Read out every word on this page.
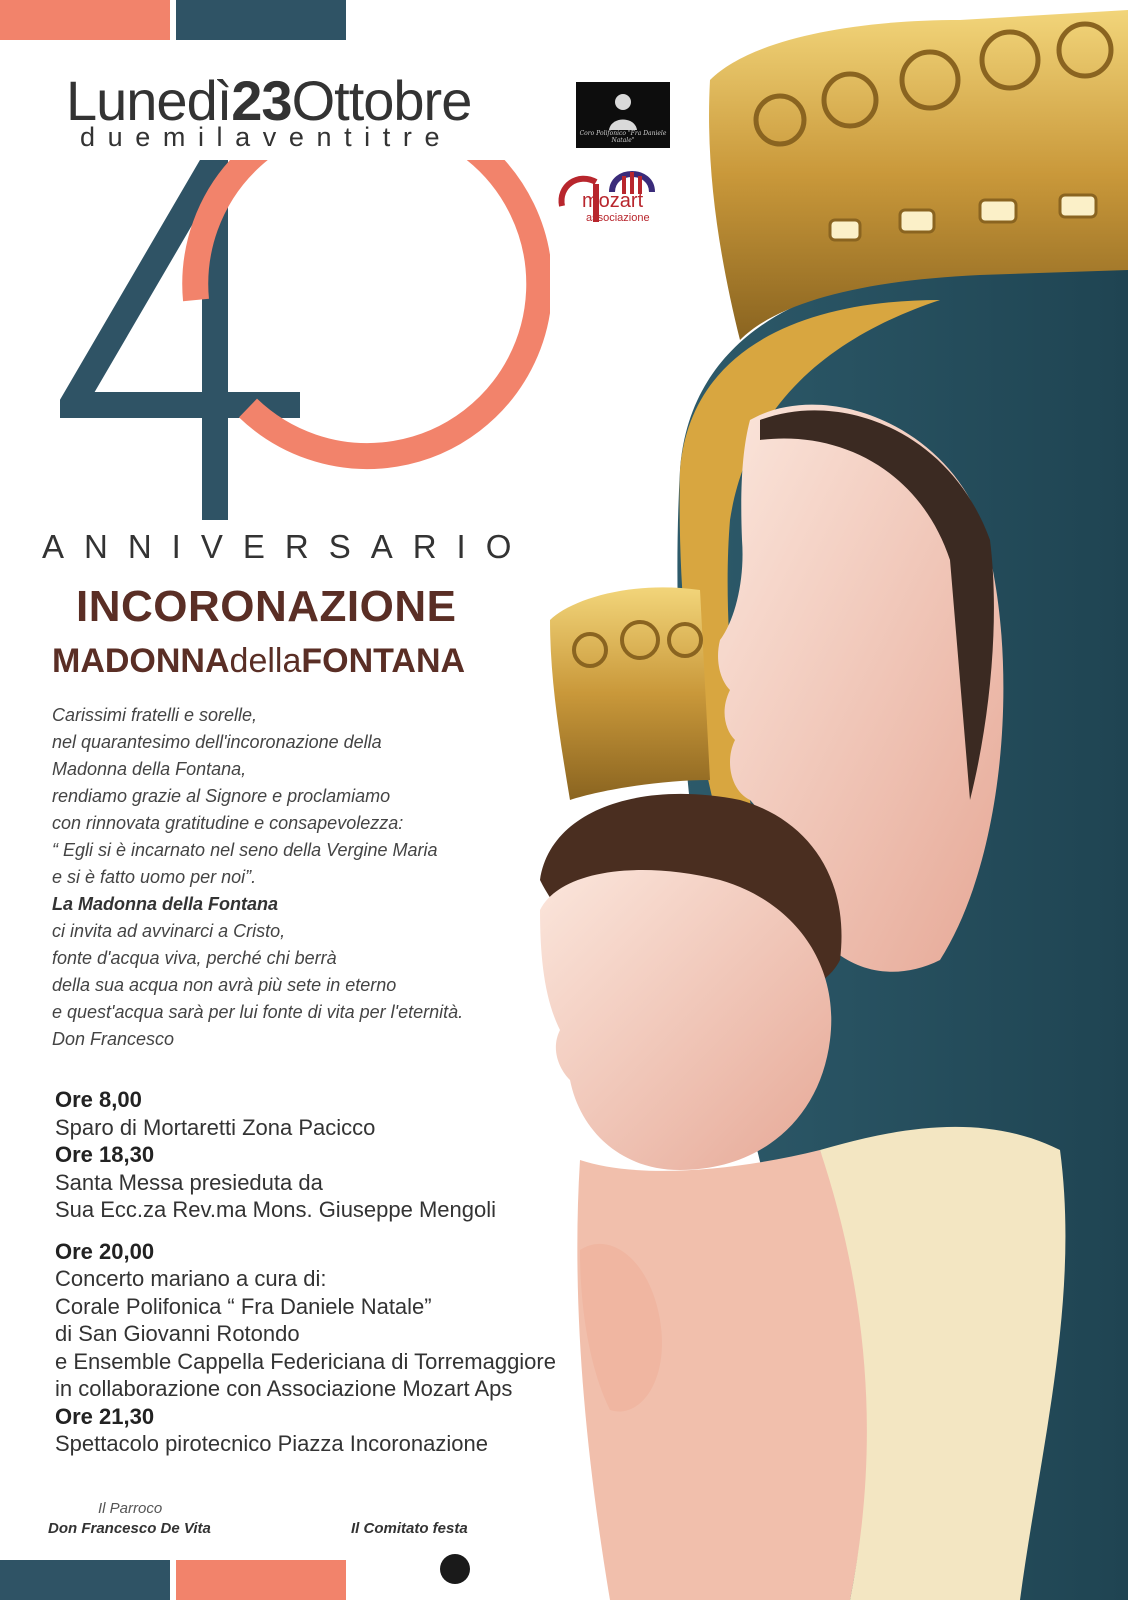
Lunedì23Ottobre
duemilaventitre	Coro Polifonico "Fra Daniele Natale"
mozart
associazione
ANNIVERSARIO
INCORONAZIONE
MADONNAdellaFONTANA
Carissimi fratelli e sorelle,
nel quarantesimo dell'incoronazione della
Madonna della Fontana,
rendiamo grazie al Signore e proclamiamo
con rinnovata gratitudine e consapevolezza:
“ Egli si è incarnato nel seno della Vergine Maria
e si è fatto uomo per noi”.
La Madonna della Fontana
ci invita ad avvinarci a Cristo,
fonte d'acqua viva, perché chi berrà
della sua acqua non avrà più sete in eterno
e quest'acqua sarà per lui fonte di vita per l'eternità.
Don Francesco
Ore 8,00
Sparo di Mortaretti Zona Pacicco
Ore 18,30
Santa Messa presieduta da
Sua Ecc.za Rev.ma Mons. Giuseppe Mengoli
Ore 20,00
Concerto mariano a cura di:
Corale Polifonica “ Fra Daniele Natale”
di San Giovanni Rotondo
e Ensemble Cappella Federiciana di Torremaggiore
in collaborazione con Associazione Mozart Aps
Ore 21,30
Spettacolo pirotecnico Piazza Incoronazione
Il Parroco
Don Francesco De Vita	Il Comitato festa
